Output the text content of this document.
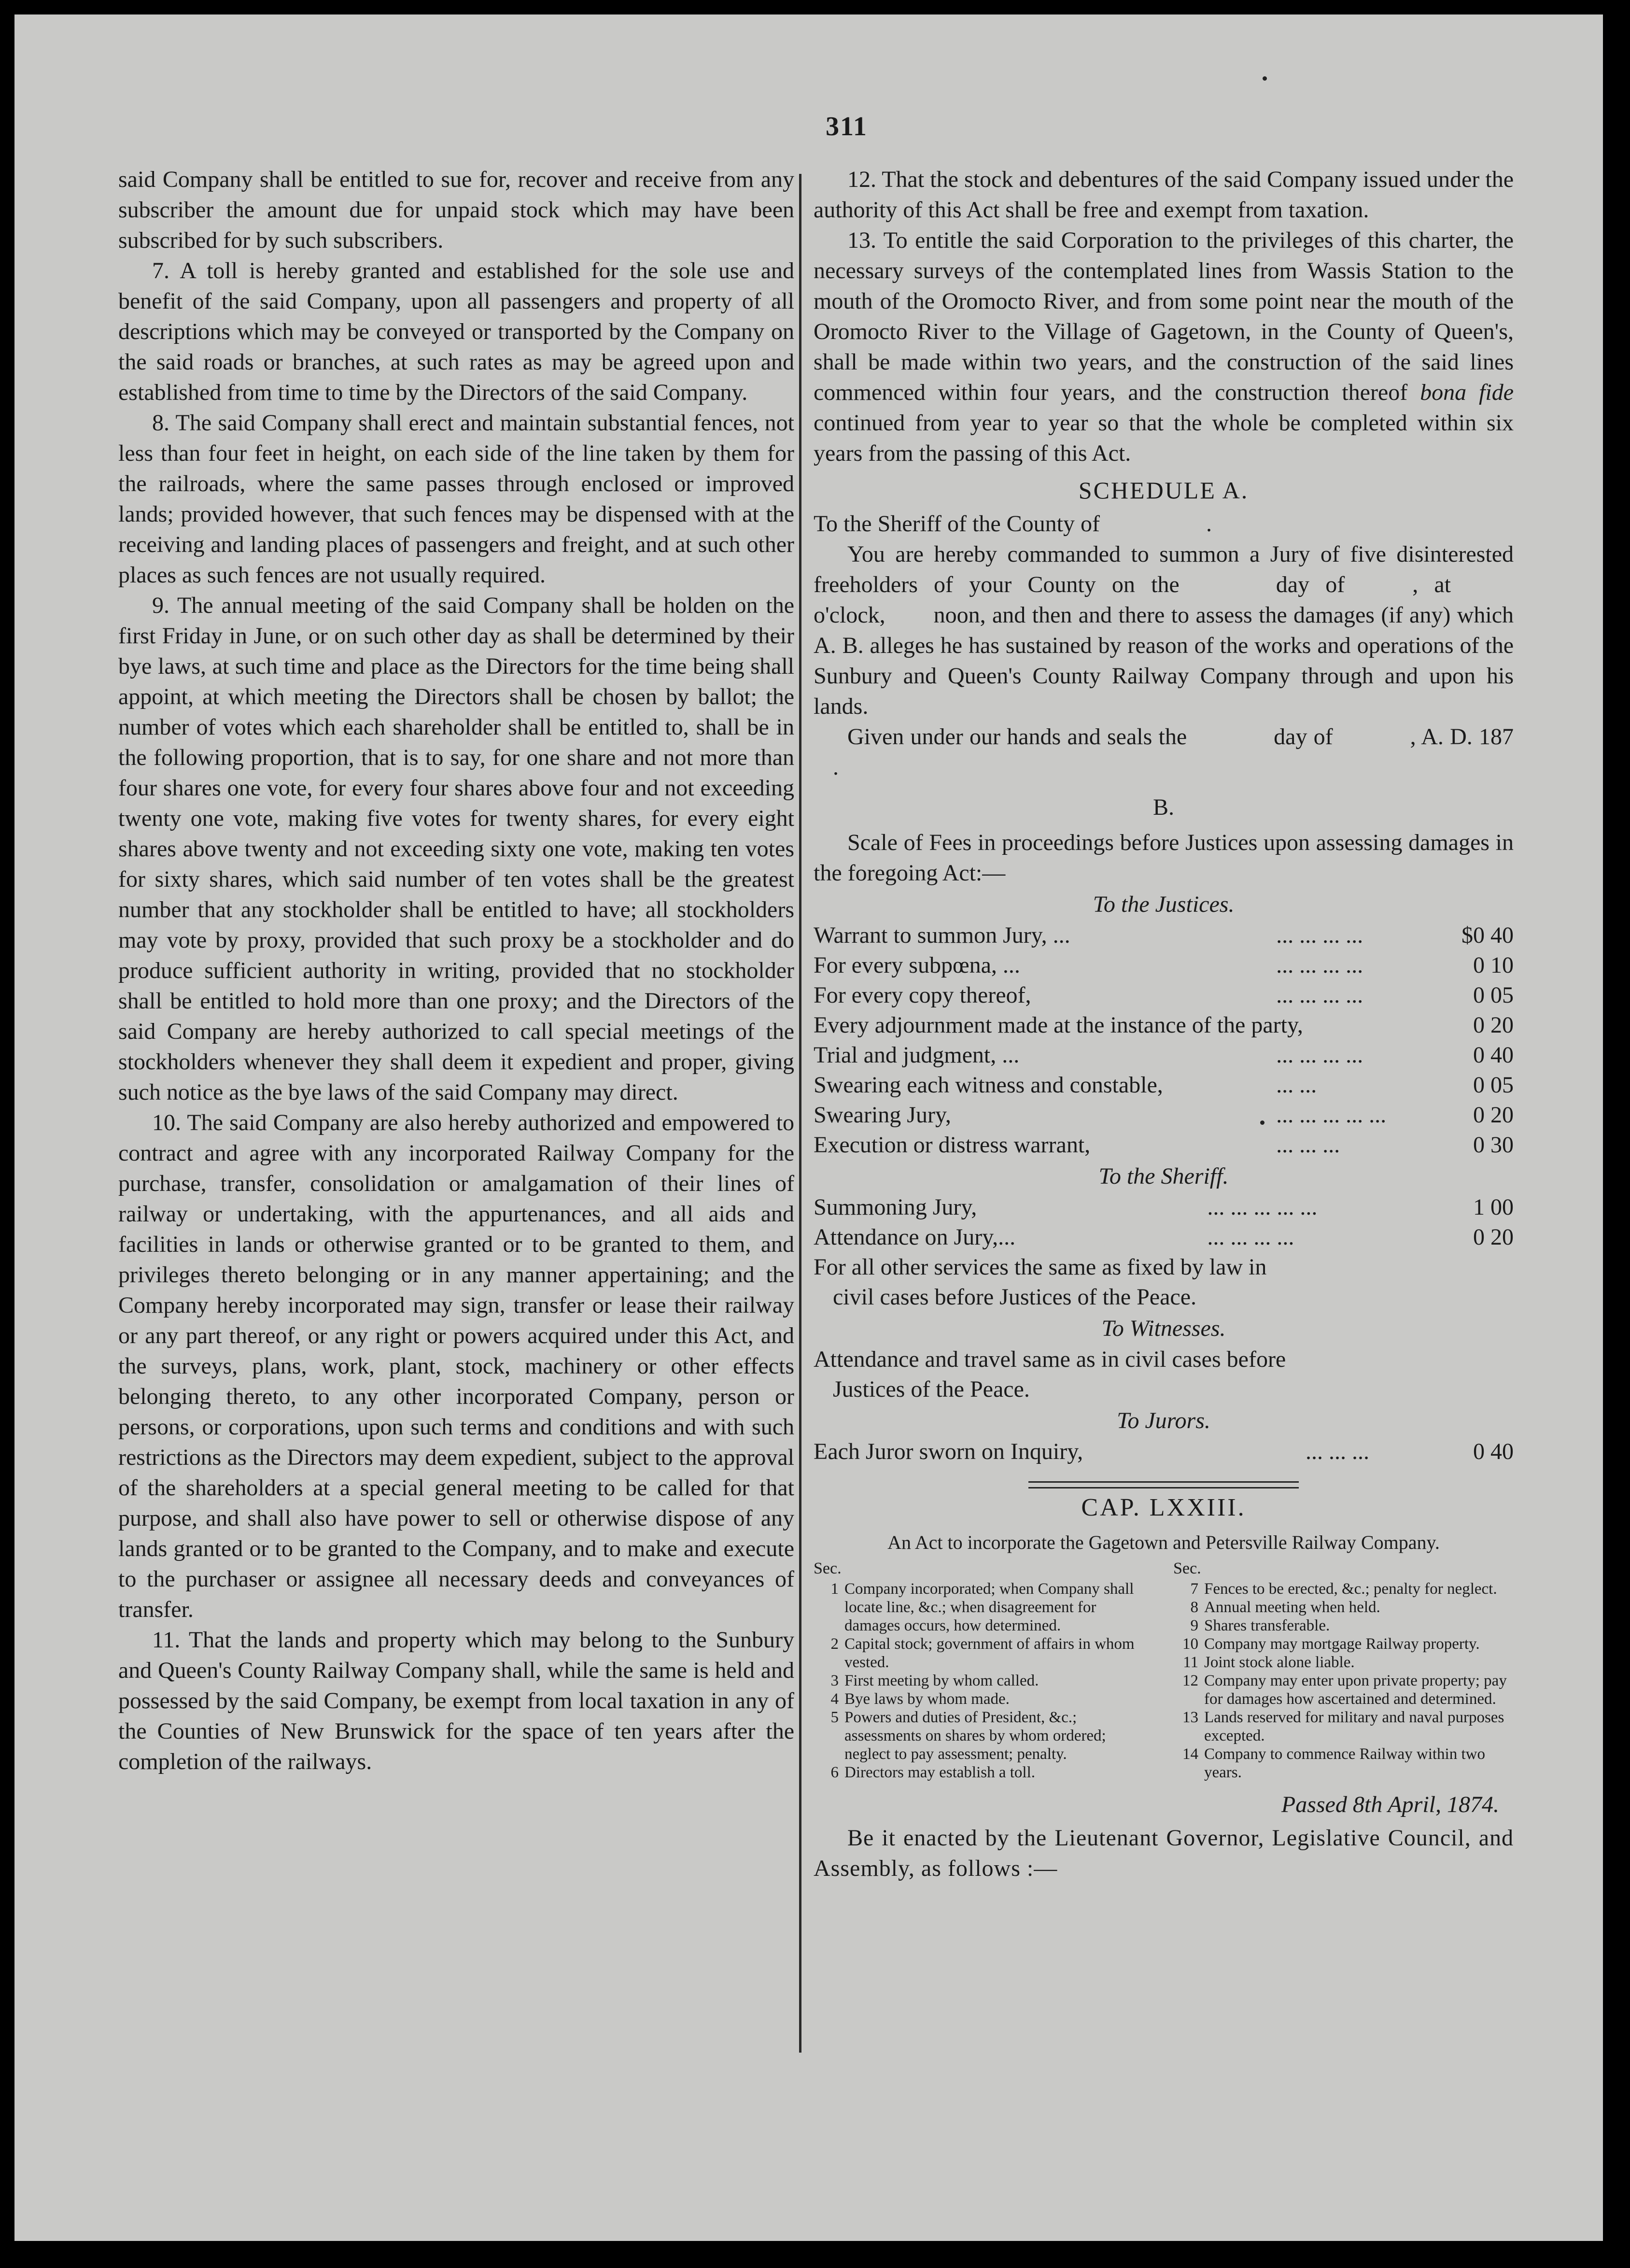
311

said Company shall be entitled to sue for, recover and receive from any subscriber the amount due for unpaid stock which may have been subscribed for by such subscribers.

7. A toll is hereby granted and established for the sole use and benefit of the said Company, upon all passengers and property of all descriptions which may be conveyed or transported by the Company on the said roads or branches, at such rates as may be agreed upon and established from time to time by the Directors of the said Company.

8. The said Company shall erect and maintain substantial fences, not less than four feet in height, on each side of the line taken by them for the railroads, where the same passes through enclosed or improved lands; provided however, that such fences may be dispensed with at the receiving and landing places of passengers and freight, and at such other places as such fences are not usually required.

9. The annual meeting of the said Company shall be holden on the first Friday in June, or on such other day as shall be determined by their bye laws, at such time and place as the Directors for the time being shall appoint, at which meeting the Directors shall be chosen by ballot; the number of votes which each shareholder shall be entitled to, shall be in the following proportion, that is to say, for one share and not more than four shares one vote, for every four shares above four and not exceeding twenty one vote, making five votes for twenty shares, for every eight shares above twenty and not exceeding sixty one vote, making ten votes for sixty shares, which said number of ten votes shall be the greatest number that any stockholder shall be entitled to have; all stockholders may vote by proxy, provided that such proxy be a stockholder and do produce sufficient authority in writing, provided that no stockholder shall be entitled to hold more than one proxy; and the Directors of the said Company are hereby authorized to call special meetings of the stockholders whenever they shall deem it expedient and proper, giving such notice as the bye laws of the said Company may direct.

10. The said Company are also hereby authorized and empowered to contract and agree with any incorporated Railway Company for the purchase, transfer, consolidation or amalgamation of their lines of railway or undertaking, with the appurtenances, and all aids and facilities in lands or otherwise granted or to be granted to them, and privileges thereto belonging or in any manner appertaining; and the Company hereby incorporated may sign, transfer or lease their railway or any part thereof, or any right or powers acquired under this Act, and the surveys, plans, work, plant, stock, machinery or other effects belonging thereto, to any other incorporated Company, person or persons, or corporations, upon such terms and conditions and with such restrictions as the Directors may deem expedient, subject to the approval of the shareholders at a special general meeting to be called for that purpose, and shall also have power to sell or otherwise dispose of any lands granted or to be granted to the Company, and to make and execute to the purchaser or assignee all necessary deeds and conveyances of transfer.

11. That the lands and property which may belong to the Sunbury and Queen's County Railway Company shall, while the same is held and possessed by the said Company, be exempt from local taxation in any of the Counties of New Brunswick for the space of ten years after the completion of the railways.

12. That the stock and debentures of the said Company issued under the authority of this Act shall be free and exempt from taxation.

13. To entitle the said Corporation to the privileges of this charter, the necessary surveys of the contemplated lines from Wassis Station to the mouth of the Oromocto River, and from some point near the mouth of the Oromocto River to the Village of Gagetown, in the County of Queen's, shall be made within two years, and the construction of the said lines commenced within four years, and the construction thereof bona fide continued from year to year so that the whole be completed within six years from the passing of this Act.

SCHEDULE A.

To the Sheriff of the County of	.

You are hereby commanded to summon a Jury of five disinterested freeholders of your County on the	day of	, ato'clock, noon, and then and there to assess the damages (if any) which A. B. alleges he has sustained by reason of the works and operations of the Sunbury and Queen's County Railway Company through and upon his lands.

Given under our hands and seals the	day of	, A. D. 187.

B.

Scale of Fees in proceedings before Justices upon assessing damages in the foregoing Act:—

To the Justices.
Warrant to summon Jury, ...	... ... ... ...	$0 40
For every subpœna, ...	... ... ... ...	0 10
For every copy thereof,	... ... ... ...	0 05
Every adjournment made at the instance of the party,		0 20
Trial and judgment, ...	... ... ... ...	0 40
Swearing each witness and constable,	... ...	0 05
Swearing Jury,	... ... ... ... ...	0 20
Execution or distress warrant,	... ... ...	0 30
To the Sheriff.
Summoning Jury,	... ... ... ... ...	1 00
Attendance on Jury,...	... ... ... ...	0 20
For all other services the same as fixed by law in		
civil cases before Justices of the Peace.		
To Witnesses.
Attendance and travel same as in civil cases before
Justices of the Peace.
To Jurors.
Each Juror sworn on Inquiry,	... ... ...	0 40
CAP. LXXIII.
An Act to incorporate the Gagetown and Petersville Railway Company.
Sec.
1 Company incorporated; when Company shall locate line, &c.; when disagreement for damages occurs, how determined.
2 Capital stock; government of affairs in whom vested.
3 First meeting by whom called.
4 Bye laws by whom made.
5 Powers and duties of President, &c.; assessments on shares by whom ordered; neglect to pay assessment; penalty.
6 Directors may establish a toll.
Sec.
7 Fences to be erected, &c.; penalty for neglect.
8 Annual meeting when held.
9 Shares transferable.
10 Company may mortgage Railway property.
11 Joint stock alone liable.
12 Company may enter upon private property; pay for damages how ascertained and determined.
13 Lands reserved for military and naval purposes excepted.
14 Company to commence Railway within two years.
Passed 8th April, 1874.

Be it enacted by the Lieutenant Governor, Legislative Council, and Assembly, as follows :—
